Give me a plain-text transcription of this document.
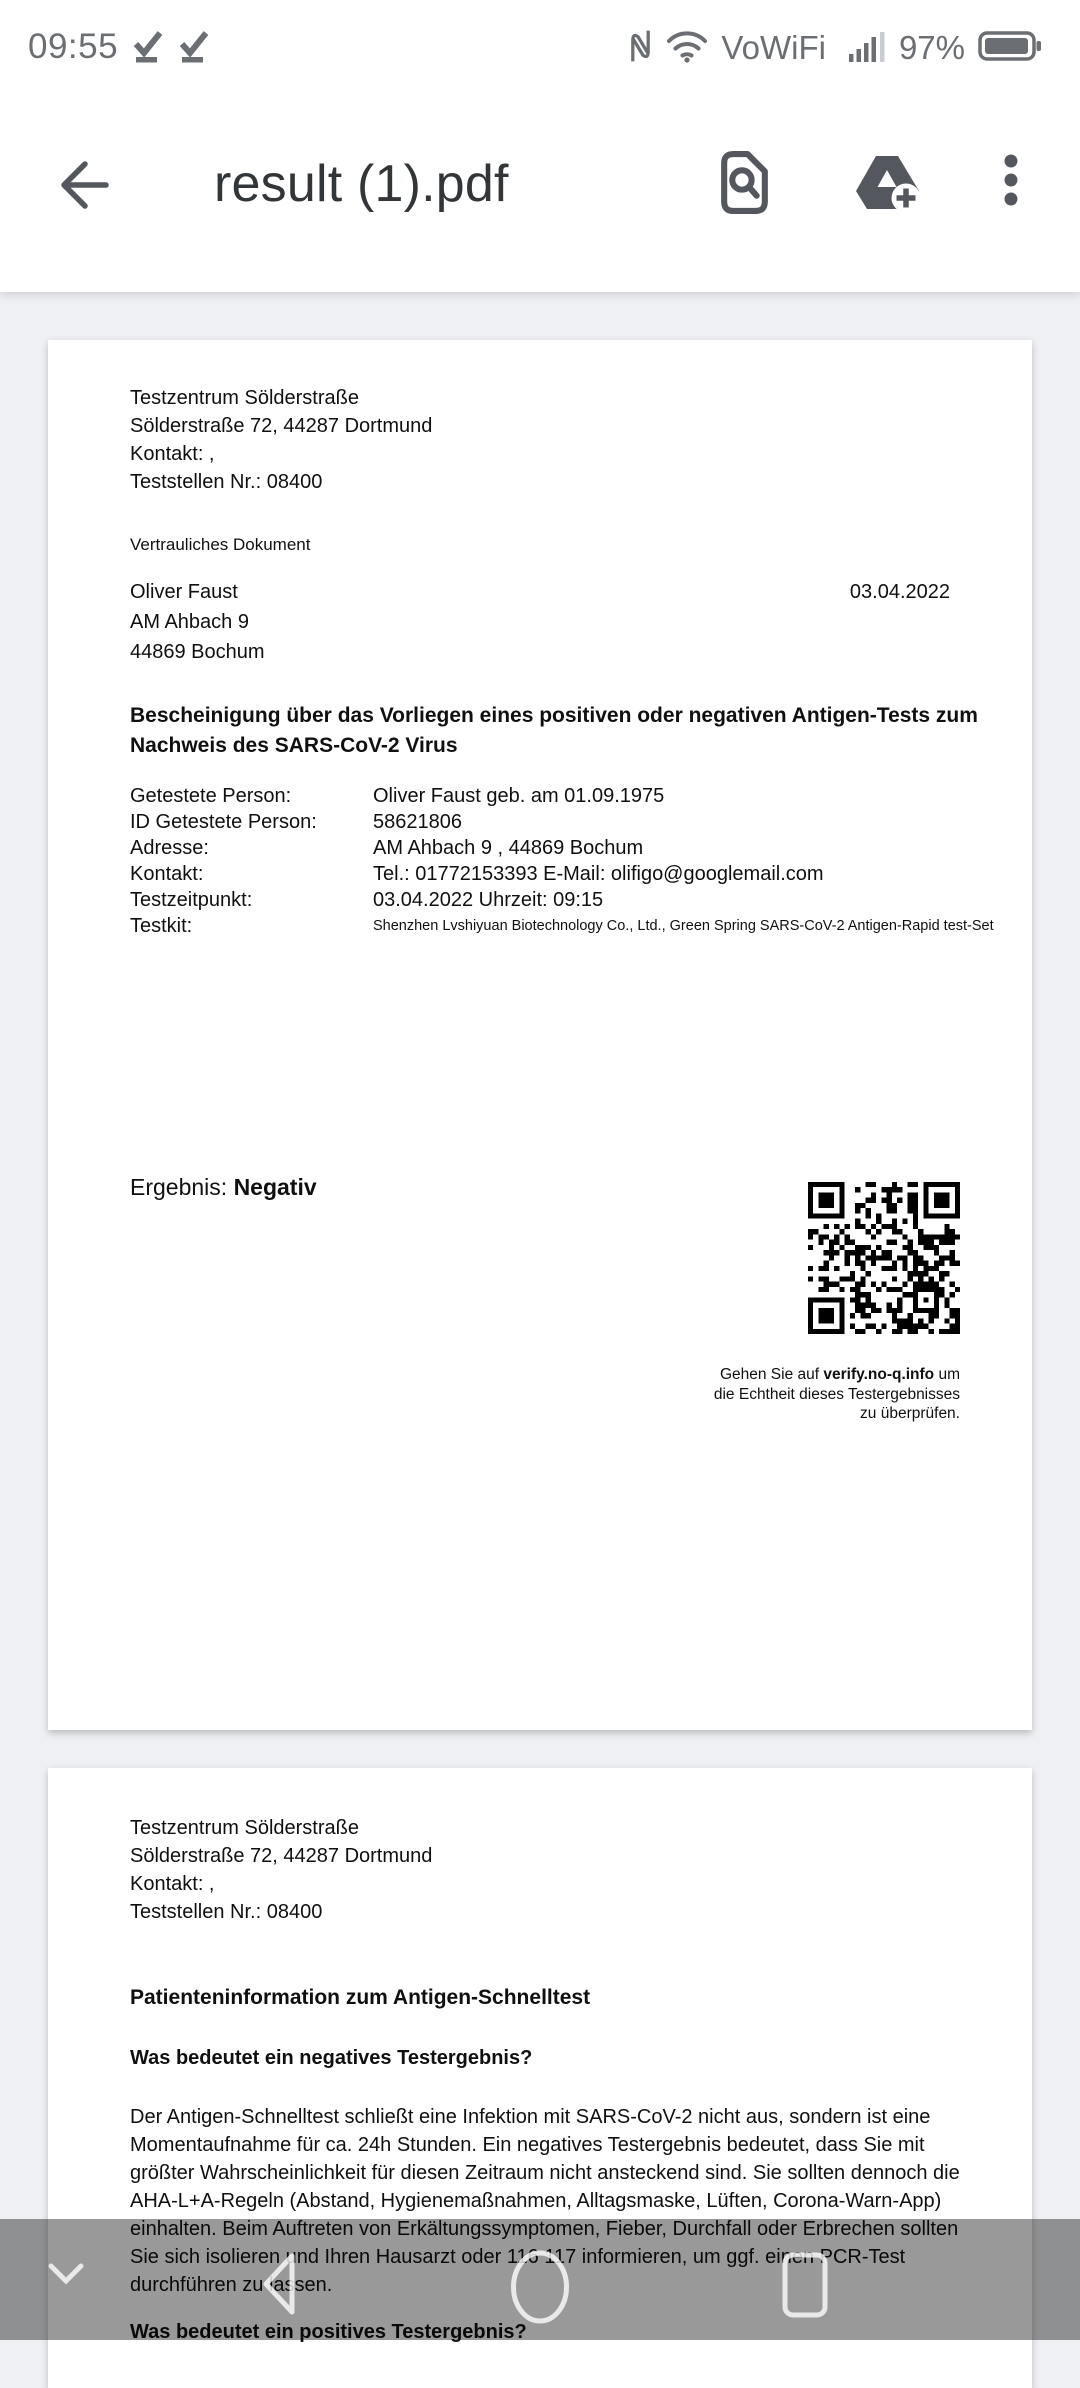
09:55	VoWiFi 97%
result (1).pdf
Testzentrum Sölderstraße
Sölderstraße 72, 44287 Dortmund
Kontakt: ,
Teststellen Nr.: 08400
Vertrauliches Dokument
Oliver Faust
AM Ahbach 9
44869 Bochum
03.04.2022
Bescheinigung über das Vorliegen eines positiven oder negativen Antigen-Tests zum
Nachweis des SARS-CoV-2 Virus
Getestete Person:	Oliver Faust geb. am 01.09.1975
ID Getestete Person:	58621806
Adresse:	AM Ahbach 9 , 44869 Bochum
Kontakt:	Tel.: 01772153393 E-Mail: olifigo@googlemail.com
Testzeitpunkt:	03.04.2022 Uhrzeit: 09:15
Testkit:	Shenzhen Lvshiyuan Biotechnology Co., Ltd., Green Spring SARS-CoV-2 Antigen-Rapid test-Set
Ergebnis: Negativ
Gehen Sie auf verify.no-q.info um
die Echtheit dieses Testergebnisses
zu überprüfen.
Testzentrum Sölderstraße
Sölderstraße 72, 44287 Dortmund
Kontakt: ,
Teststellen Nr.: 08400
Patienteninformation zum Antigen-Schnelltest
Was bedeutet ein negatives Testergebnis?
Der Antigen-Schnelltest schließt eine Infektion mit SARS-CoV-2 nicht aus, sondern ist eine
Momentaufnahme für ca. 24h Stunden. Ein negatives Testergebnis bedeutet, dass Sie mit
größter Wahrscheinlichkeit für diesen Zeitraum nicht ansteckend sind. Sie sollten dennoch die
AHA-L+A-Regeln (Abstand, Hygienemaßnahmen, Alltagsmaske, Lüften, Corona-Warn-App)
einhalten. Beim Auftreten von Erkältungssymptomen, Fieber, Durchfall oder Erbrechen sollten
Sie sich isolieren und Ihren Hausarzt oder 116 117 informieren, um ggf. einen PCR-Test
durchführen zu lassen.
Was bedeutet ein positives Testergebnis?
